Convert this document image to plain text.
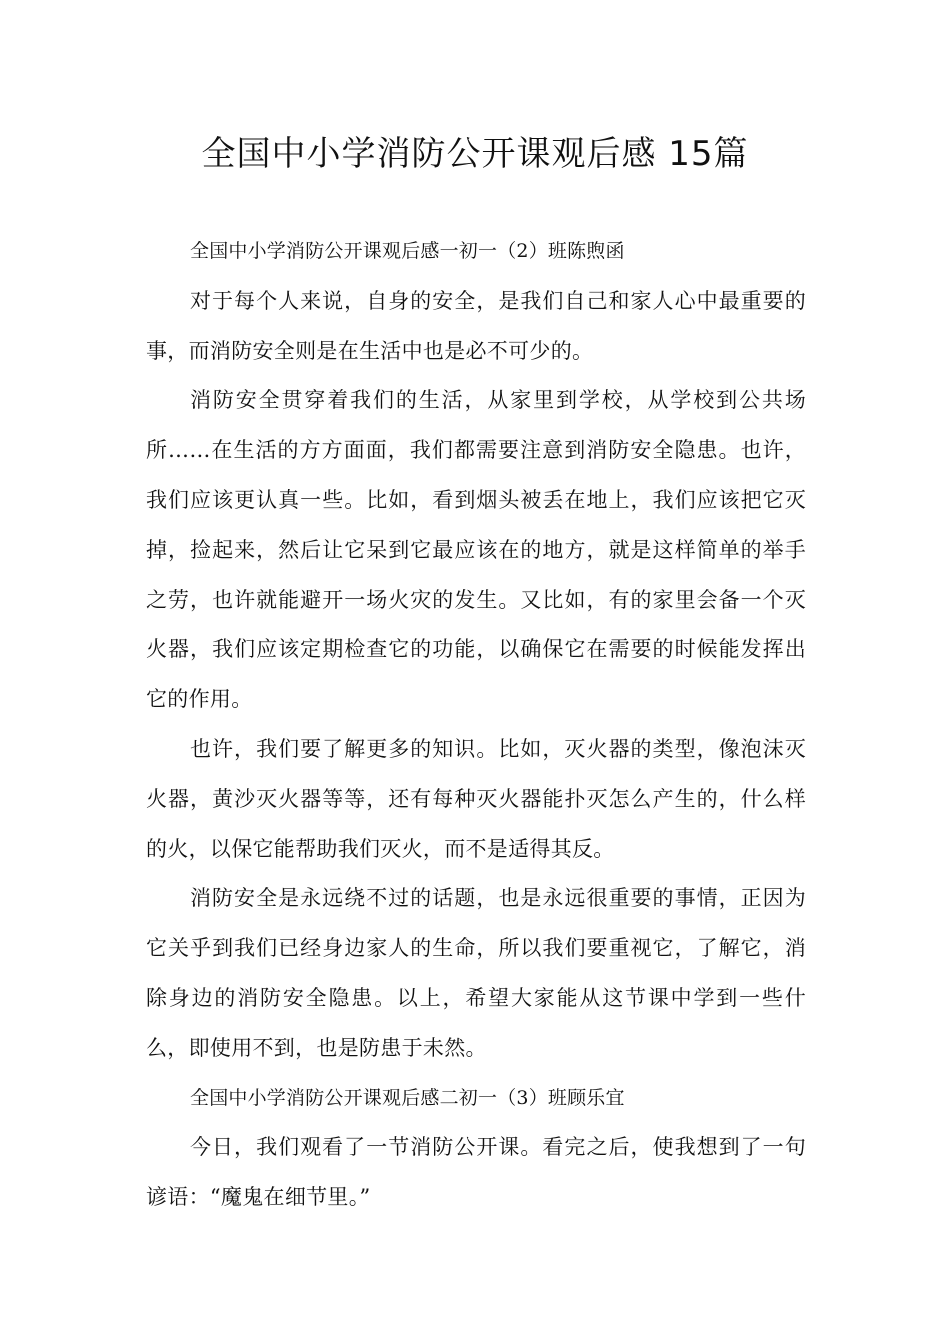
全国中小学消防公开课观后感 15篇

全国中小学消防公开课观后感一初一（2）班陈煦函

对于每个人来说，自身的安全，是我们自己和家人心中最重要的事，而消防安全则是在生活中也是必不可少的。

消防安全贯穿着我们的生活，从家里到学校，从学校到公共场所……在生活的方方面面，我们都需要注意到消防安全隐患。也许，我们应该更认真一些。比如，看到烟头被丢在地上，我们应该把它灭掉，捡起来，然后让它呆到它最应该在的地方，就是这样简单的举手之劳，也许就能避开一场火灾的发生。又比如，有的家里会备一个灭火器，我们应该定期检查它的功能，以确保它在需要的时候能发挥出它的作用。

也许，我们要了解更多的知识。比如，灭火器的类型，像泡沫灭火器，黄沙灭火器等等，还有每种灭火器能扑灭怎么产生的，什么样的火，以保它能帮助我们灭火，而不是适得其反。

消防安全是永远绕不过的话题，也是永远很重要的事情，正因为它关乎到我们已经身边家人的生命，所以我们要重视它，了解它，消除身边的消防安全隐患。以上，希望大家能从这节课中学到一些什么，即使用不到，也是防患于未然。

全国中小学消防公开课观后感二初一（3）班顾乐宜

今日，我们观看了一节消防公开课。看完之后，使我想到了一句谚语：“魔鬼在细节里。”
